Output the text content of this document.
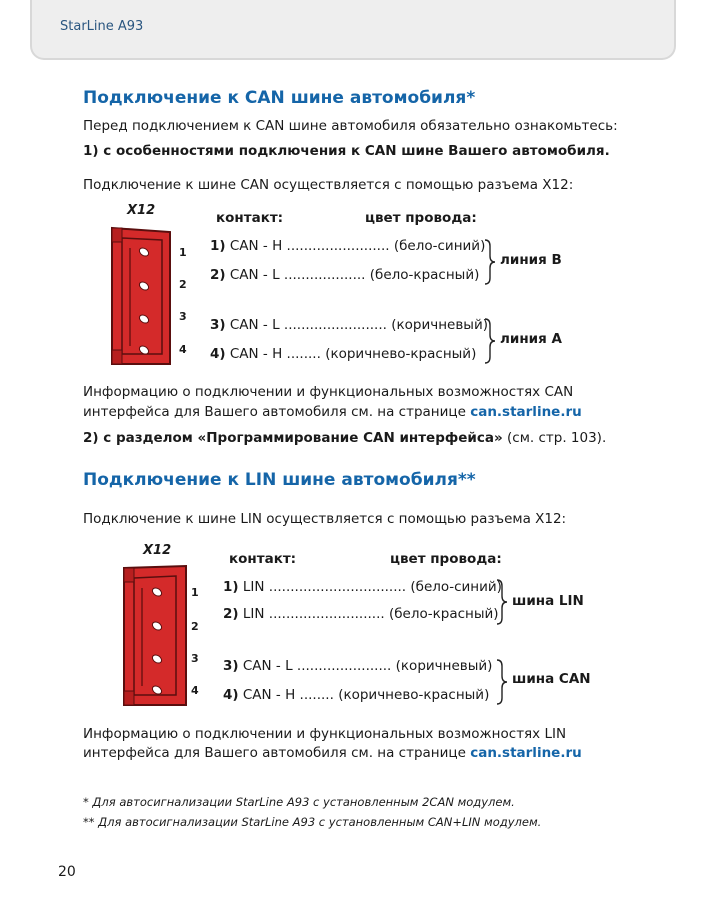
StarLine A93
Подключение к CAN шине автомобиля*
Перед подключением к CAN шине автомобиля обязательно ознакомьтесь:
1) с особенностями подключения к CAN шине Вашего автомобиля.
Подключение к шине CAN осуществляется с помощью разъема X12:
X12
1
2
3
4
контакт:	цвет провода:
1) CAN - H ........................ (бело-синий)
2) CAN - L ................... (бело-красный)
3) CAN - L ........................ (коричневый)
4) CAN - H ........ (коричнево-красный)
линия B
линия A
Информацию о подключении и функциональных возможностях CAN
интерфейса для Вашего автомобиля см. на странице can.starline.ru
2) с разделом «Программирование CAN интерфейса» (см. стр. 103).
Подключение к LIN шине автомобиля**
Подключение к шине LIN осуществляется с помощью разъема X12:
X12
1
2
3
4
контакт:	цвет провода:
1) LIN ................................ (бело-синий)
2) LIN ........................... (бело-красный)
3) CAN - L ...................... (коричневый)
4) CAN - H ........ (коричнево-красный)
шина LIN
шина CAN
Информацию о подключении и функциональных возможностях LIN
интерфейса для Вашего автомобиля см. на странице can.starline.ru
* Для автосигнализации StarLine A93 с установленным 2CAN модулем.
** Для автосигнализации StarLine A93 с установленным CAN+LIN модулем.
20
